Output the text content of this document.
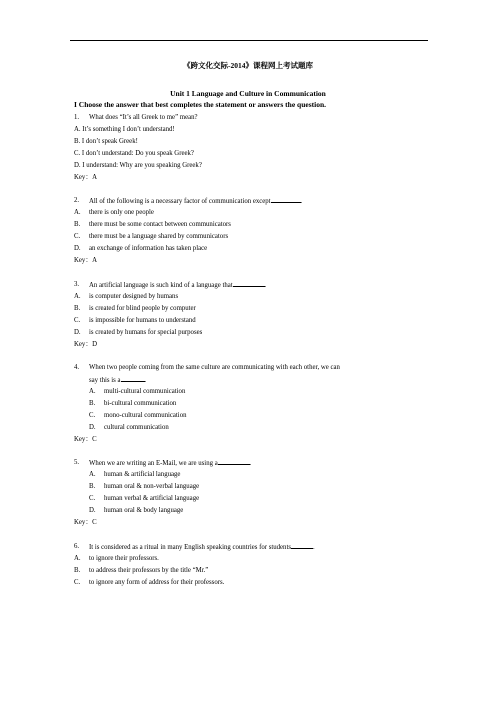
《跨文化交际-2014》课程网上考试题库
Unit 1 Language and Culture in Communication
I Choose the answer that best completes the statement or answers the question.
1. What does “It’s all Greek to me” mean?
A. It’s something I don’t understand!
B. I don’t speak Greek!
C. I don’t understand: Do you speak Greek?
D. I understand: Why are you speaking Greek?
Key：A
2. All of the following is a necessary factor of communication except	.
A. there is only one people
B. there must be some contact between communicators
C. there must be a language shared by communicators
D. an exchange of information has taken place
Key：A
3. An artificial language is such kind of a language that	.
A. is computer designed by humans
B. is created for blind people by computer
C. is impossible for humans to understand
D. is created by humans for special purposes
Key：D
4. When two people coming from the same culture are communicating with each other, we can
say this is a	.
A. multi-cultural communication
B. bi-cultural communication
C. mono-cultural communication
D. cultural communication
Key：C
5. When we are writing an E-Mail, we are using a	.
A. human & artificial language
B. human oral & non-verbal language
C. human verbal & artificial language
D. human oral & body language
Key：C
6. It is considered as a ritual in many English speaking countries for students	.
A. to ignore their professors.
B. to address their professors by the title “Mr.”
C. to ignore any form of address for their professors.
